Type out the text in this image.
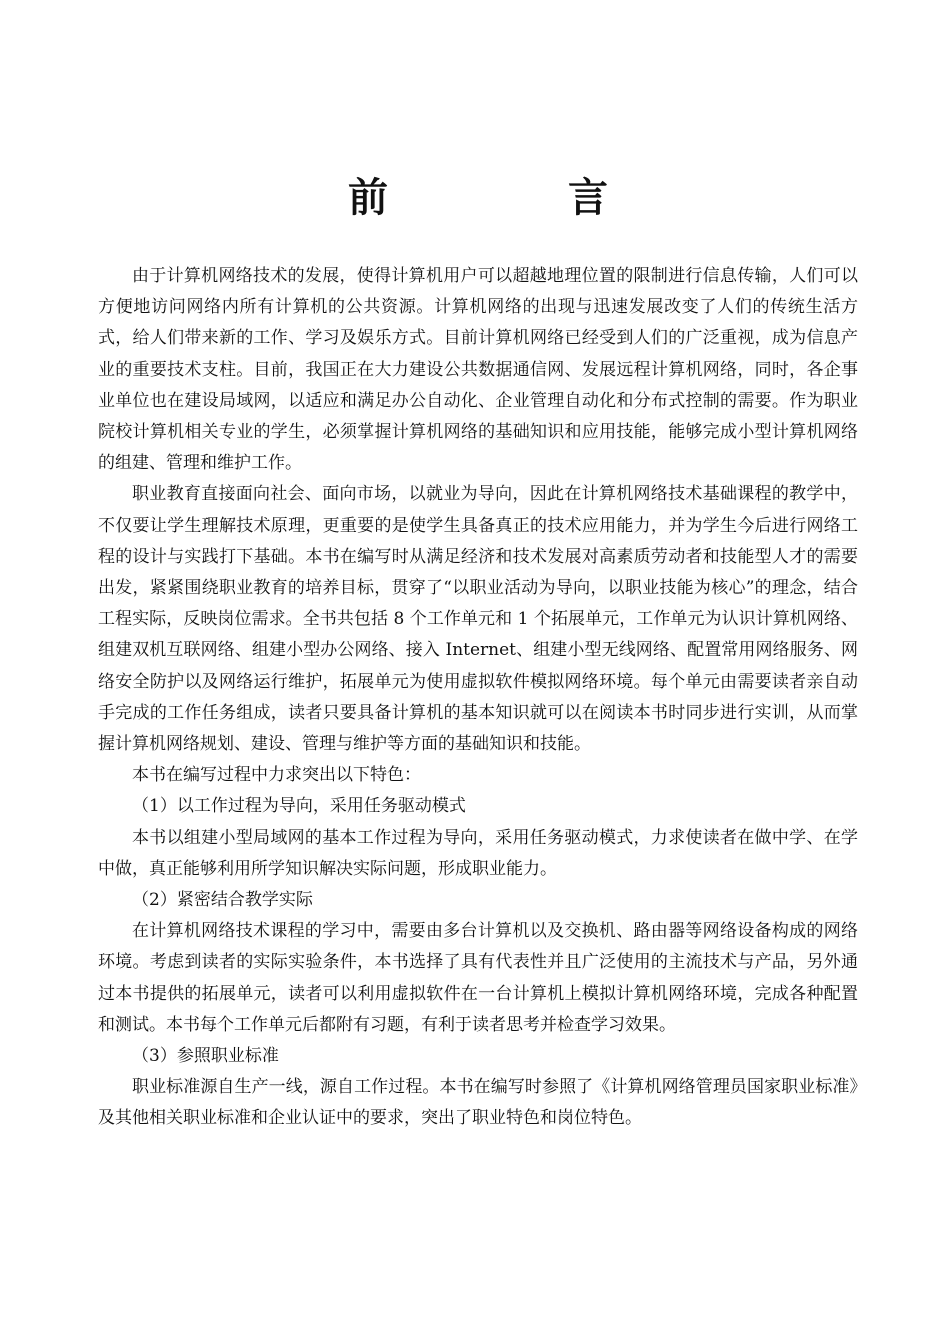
前　言

由于计算机网络技术的发展，使得计算机用户可以超越地理位置的限制进行信息传输，人们可以方便地访问网络内所有计算机的公共资源。计算机网络的出现与迅速发展改变了人们的传统生活方式，给人们带来新的工作、学习及娱乐方式。目前计算机网络已经受到人们的广泛重视，成为信息产业的重要技术支柱。目前，我国正在大力建设公共数据通信网、发展远程计算机网络，同时，各企事业单位也在建设局域网，以适应和满足办公自动化、企业管理自动化和分布式控制的需要。作为职业院校计算机相关专业的学生，必须掌握计算机网络的基础知识和应用技能，能够完成小型计算机网络的组建、管理和维护工作。

职业教育直接面向社会、面向市场，以就业为导向，因此在计算机网络技术基础课程的教学中，不仅要让学生理解技术原理，更重要的是使学生具备真正的技术应用能力，并为学生今后进行网络工程的设计与实践打下基础。本书在编写时从满足经济和技术发展对高素质劳动者和技能型人才的需要出发，紧紧围绕职业教育的培养目标，贯穿了“以职业活动为导向，以职业技能为核心”的理念，结合工程实际，反映岗位需求。全书共包括 8 个工作单元和 1 个拓展单元，工作单元为认识计算机网络、组建双机互联网络、组建小型办公网络、接入 Internet、组建小型无线网络、配置常用网络服务、网络安全防护以及网络运行维护，拓展单元为使用虚拟软件模拟网络环境。每个单元由需要读者亲自动手完成的工作任务组成，读者只要具备计算机的基本知识就可以在阅读本书时同步进行实训，从而掌握计算机网络规划、建设、管理与维护等方面的基础知识和技能。

本书在编写过程中力求突出以下特色：

（1）以工作过程为导向，采用任务驱动模式

本书以组建小型局域网的基本工作过程为导向，采用任务驱动模式，力求使读者在做中学、在学中做，真正能够利用所学知识解决实际问题，形成职业能力。

（2）紧密结合教学实际

在计算机网络技术课程的学习中，需要由多台计算机以及交换机、路由器等网络设备构成的网络环境。考虑到读者的实际实验条件，本书选择了具有代表性并且广泛使用的主流技术与产品，另外通过本书提供的拓展单元，读者可以利用虚拟软件在一台计算机上模拟计算机网络环境，完成各种配置和测试。本书每个工作单元后都附有习题，有利于读者思考并检查学习效果。

（3）参照职业标准

职业标准源自生产一线，源自工作过程。本书在编写时参照了《计算机网络管理员国家职业标准》及其他相关职业标准和企业认证中的要求，突出了职业特色和岗位特色。
